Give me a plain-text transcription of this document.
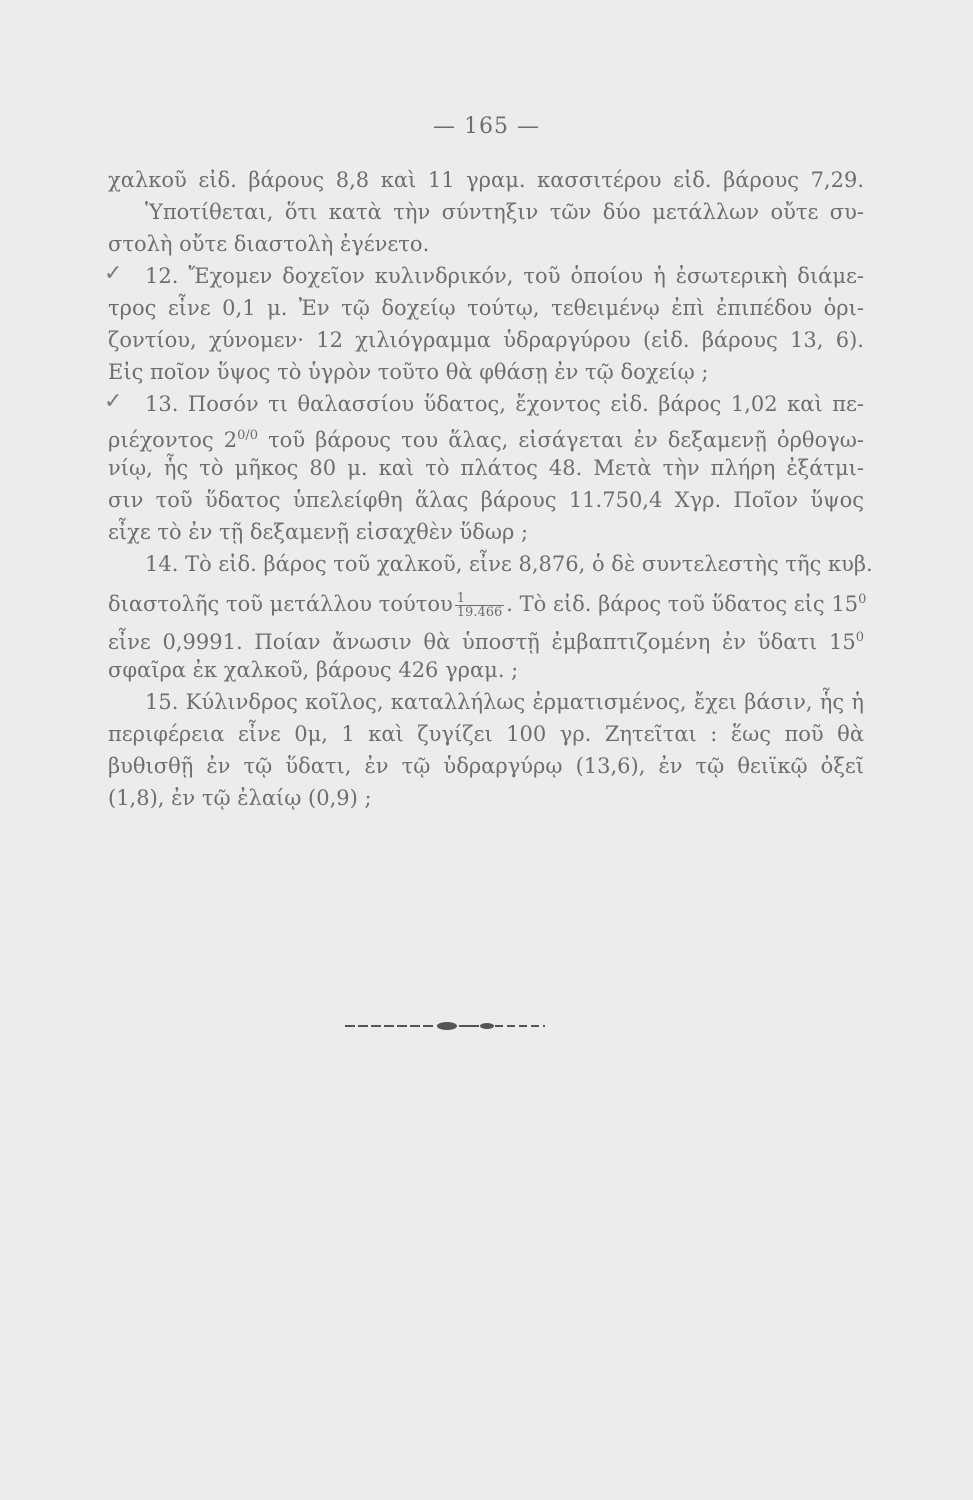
— 165 —
χαλκοῦ εἰδ. βάρους 8,8 καὶ 11 γραμ. κασσιτέρου εἰδ. βάρους 7,29.
Ὑποτίθεται, ὅτι κατὰ τὴν σύντηξιν τῶν δύο μετάλλων οὔτε συ-
στολὴ οὔτε διαστολὴ ἐγένετο.
✓ 12. Ἔχομεν δοχεῖον κυλινδρικόν, τοῦ ὁποίου ἡ ἐσωτερικὴ διάμε-
τρος εἶνε 0,1 μ. Ἐν τῷ δοχείῳ τούτῳ, τεθειμένῳ ἐπὶ ἐπιπέδου ὁρι-
ζοντίου, χύνομεν· 12 χιλιόγραμμα ὑδραργύρου (εἰδ. βάρους 13, 6).
Εἰς ποῖον ὕψος τὸ ὑγρὸν τοῦτο θὰ φθάσῃ ἐν τῷ δοχείῳ ;
✓ 13. Ποσόν τι θαλασσίου ὕδατος, ἔχοντος εἰδ. βάρος 1,02 καὶ πε-
ριέχοντος $2^{0/0}$ τοῦ βάρους του ἅλας, εἰσάγεται ἐν δεξαμενῇ ὀρθογω-
νίῳ, ἧς τὸ μῆκος 80 μ. καὶ τὸ πλάτος 48. Μετὰ τὴν πλήρη ἐξάτμι-
σιν τοῦ ὕδατος ὑπελείφθη ἅλας βάρους 11.750,4 Χγρ. Ποῖον ὕψος
εἶχε τὸ ἐν τῇ δεξαμενῇ εἰσαχθὲν ὕδωρ ;
14. Τὸ εἰδ. βάρος τοῦ χαλκοῦ, εἶνε 8,876, ὁ δὲ συντελεστὴς τῆς κυβ.
διαστολῆς τοῦ μετάλλου τούτου $\frac{1}{19.466}$ . Τὸ εἰδ. βάρος τοῦ ὕδατος εἰς $15^0$
εἶνε 0,9991. Ποίαν ἄνωσιν θὰ ὑποστῇ ἐμβαπτιζομένη ἐν ὕδατι $15^0$
σφαῖρα ἐκ χαλκοῦ, βάρους 426 γραμ. ;
15. Κύλινδρος κοῖλος, καταλλήλως ἐρματισμένος, ἔχει βάσιν, ἧς ἡ
περιφέρεια εἶνε 0μ, 1 καὶ ζυγίζει 100 γρ. Ζητεῖται : ἕως ποῦ θὰ
βυθισθῇ ἐν τῷ ὕδατι, ἐν τῷ ὑδραργύρῳ (13,6), ἐν τῷ θειϊκῷ ὀξεῖ
(1,8), ἐν τῷ ἐλαίῳ (0,9) ;
